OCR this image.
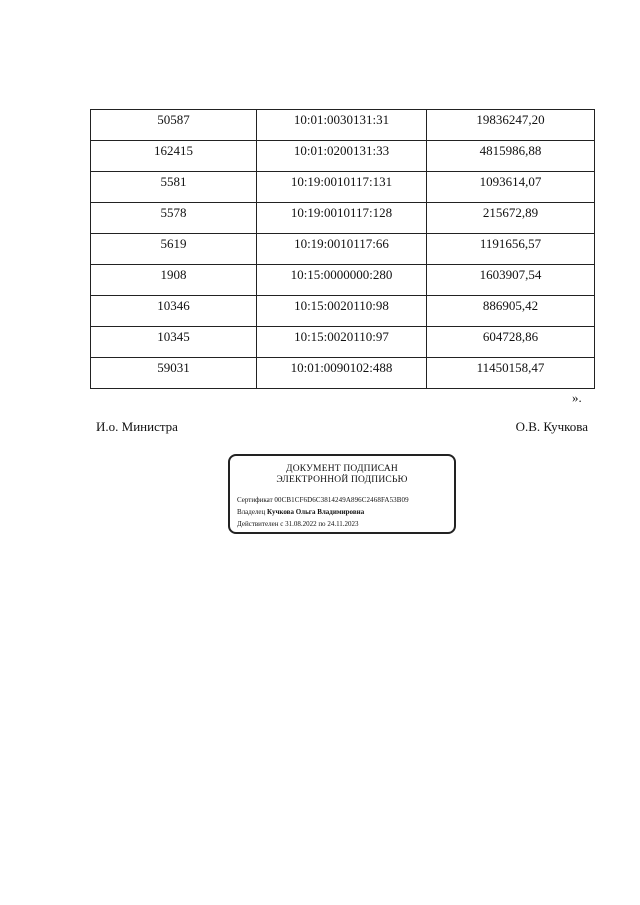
50587	10:01:0030131:31	19836247,20
162415	10:01:0200131:33	4815986,88
5581	10:19:0010117:131	1093614,07
5578	10:19:0010117:128	215672,89
5619	10:19:0010117:66	1191656,57
1908	10:15:0000000:280	1603907,54
10346	10:15:0020110:98	886905,42
10345	10:15:0020110:97	604728,86
59031	10:01:0090102:488	11450158,47
».
И.о. Министра	О.В. Кучкова
ДОКУМЕНТ ПОДПИСАН
ЭЛЕКТРОННОЙ ПОДПИСЬЮ
Сертификат 00CB1CF6D6C3814249A896C2468FA53B09
Владелец Кучкова Ольга Владимировна
Действителен с 31.08.2022 по 24.11.2023
